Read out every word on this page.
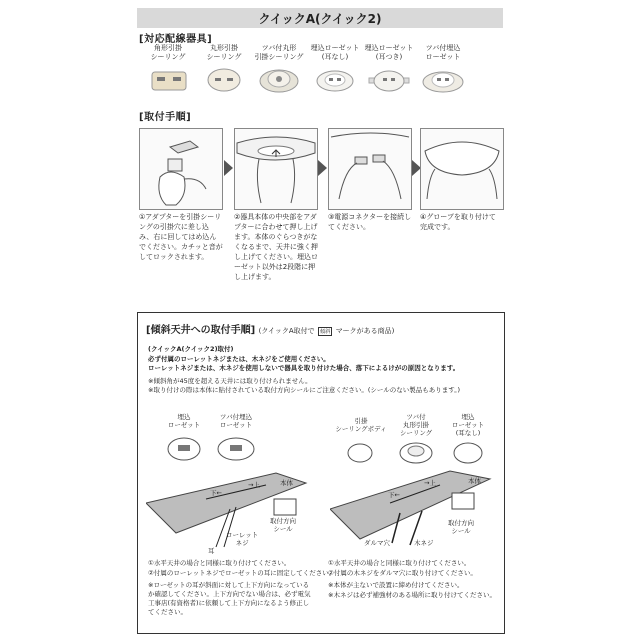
クイックA(クイック2)
[対応配線器具]
角形引掛
シーリング
丸形引掛
シーリング
ツバ付丸形
引掛シーリング
埋込ローゼット
(耳なし)
埋込ローゼット
(耳つき)
ツバ付埋込
ローゼット
[取付手順]
①アダプターを引掛シーリングの引掛穴に差し込み、右に回してはめ込んでください。カチッと音がしてロックされます。
②器具本体の中央部をアダプターに合わせて押し上げます。本体のぐらつきがなくなるまで、天井に強く押し上げてください。埋込ローゼット以外は2段階に押し上げます。
③電源コネクターを接続してください。
④グローブを取り付けて完成です。
[傾斜天井への取付手順] (クイックA取付で 傾斜 マークがある商品)
(クイックA(クイック2)取付)
必ず付属のローレットネジまたは、木ネジをご使用ください。
ローレットネジまたは、木ネジを使用しないで器具を取り付けた場合、落下によるけがの原因となります。
※傾斜角が45度を超える天井には取り付けられません。
※取り付けの際は本体に貼付されている取付方向シールにご注意ください。(シールのない製品もあります。)
埋込
ローゼット
ツバ付埋込
ローゼット
本体
下←
→上
取付方向
シール
耳
ローレット
ネジ
①水平天井の場合と同様に取り付けてください。
②付属のローレットネジでローゼットの耳に固定してください。
※ローゼットの耳が斜面に対して上下方向になっているか確認してください。上下方向でない場合は、必ず電気工事店(有資格者)に依頼して上下方向になるよう修正してください。
引掛
シーリングボディ
ツバ付
丸形引掛
シーリング
埋込
ローゼット
(耳なし)
本体
下←
→上
取付方向
シール
ダルマ穴	木ネジ
①水平天井の場合と同様に取り付けてください。
②付属の木ネジをダルマ穴に取り付けてください。
※本体が主ないで設置に締め付けてください。
※木ネジは必ず補強材のある場所に取り付けてください。
